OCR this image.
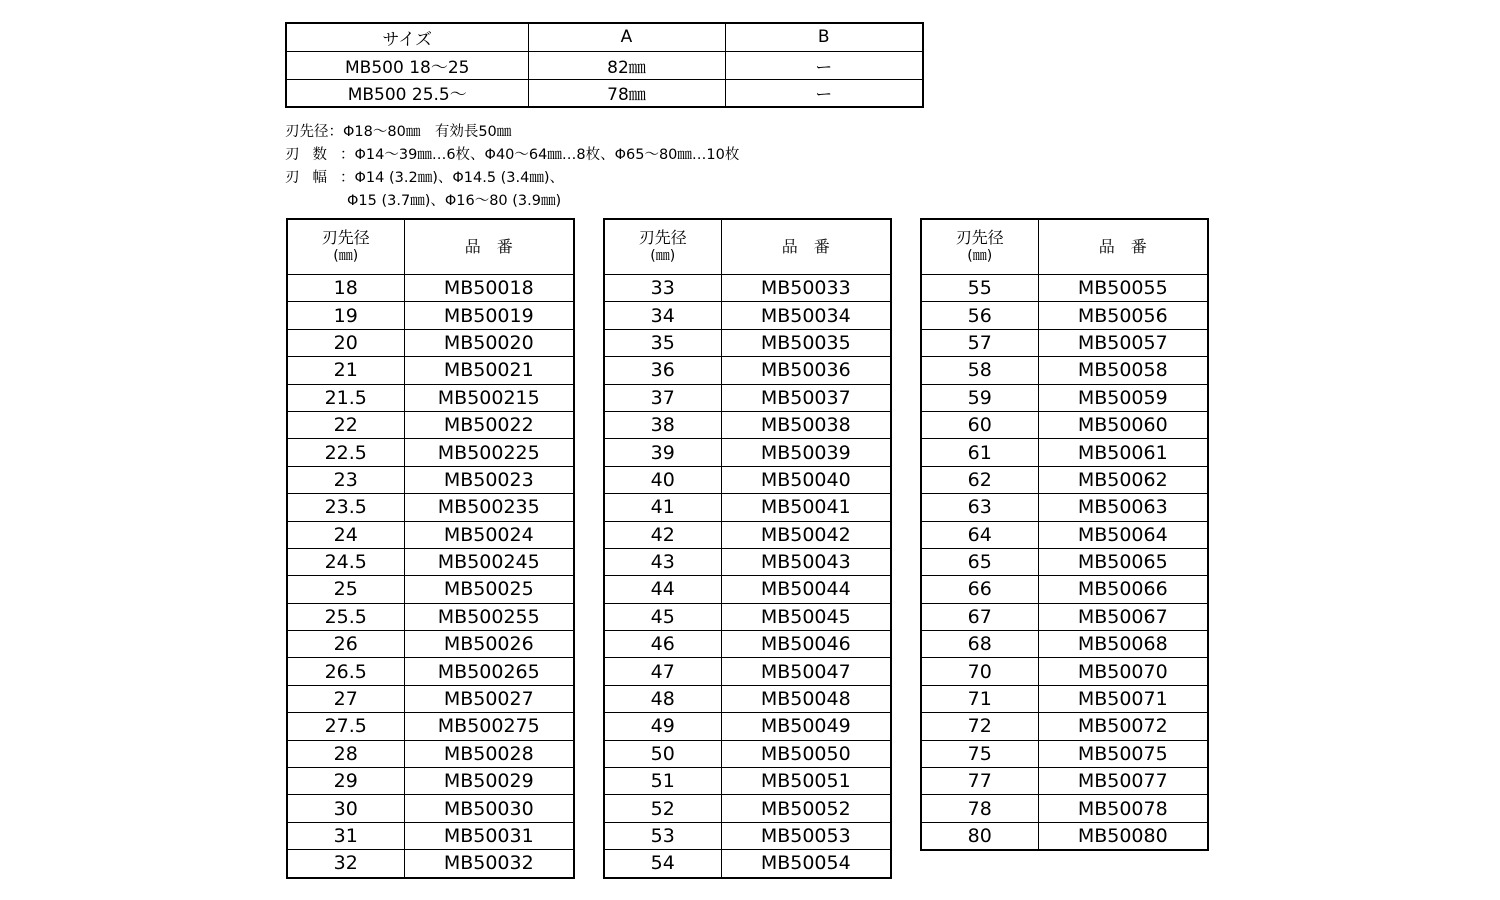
サイズ	A	B
MB500 18～25	82㎜	ー
MB500 25.5～	78㎜	ー
刃先径： Φ18～80㎜　有効長50㎜
刃数：
Φ14～39㎜…6枚、Φ40～64㎜…8枚、Φ65～80㎜…10枚
刃幅：
Φ14 (3.2㎜)、Φ14.5 (3.4㎜)、
Φ15 (3.7㎜)、Φ16～80 (3.9㎜)
刃先径
(㎜)	品　番
18	MB50018
19	MB50019
20	MB50020
21	MB50021
21.5	MB500215
22	MB50022
22.5	MB500225
23	MB50023
23.5	MB500235
24	MB50024
24.5	MB500245
25	MB50025
25.5	MB500255
26	MB50026
26.5	MB500265
27	MB50027
27.5	MB500275
28	MB50028
29	MB50029
30	MB50030
31	MB50031
32	MB50032
刃先径
(㎜)	品　番
33	MB50033
34	MB50034
35	MB50035
36	MB50036
37	MB50037
38	MB50038
39	MB50039
40	MB50040
41	MB50041
42	MB50042
43	MB50043
44	MB50044
45	MB50045
46	MB50046
47	MB50047
48	MB50048
49	MB50049
50	MB50050
51	MB50051
52	MB50052
53	MB50053
54	MB50054
刃先径
(㎜)	品　番
55	MB50055
56	MB50056
57	MB50057
58	MB50058
59	MB50059
60	MB50060
61	MB50061
62	MB50062
63	MB50063
64	MB50064
65	MB50065
66	MB50066
67	MB50067
68	MB50068
70	MB50070
71	MB50071
72	MB50072
75	MB50075
77	MB50077
78	MB50078
80	MB50080
